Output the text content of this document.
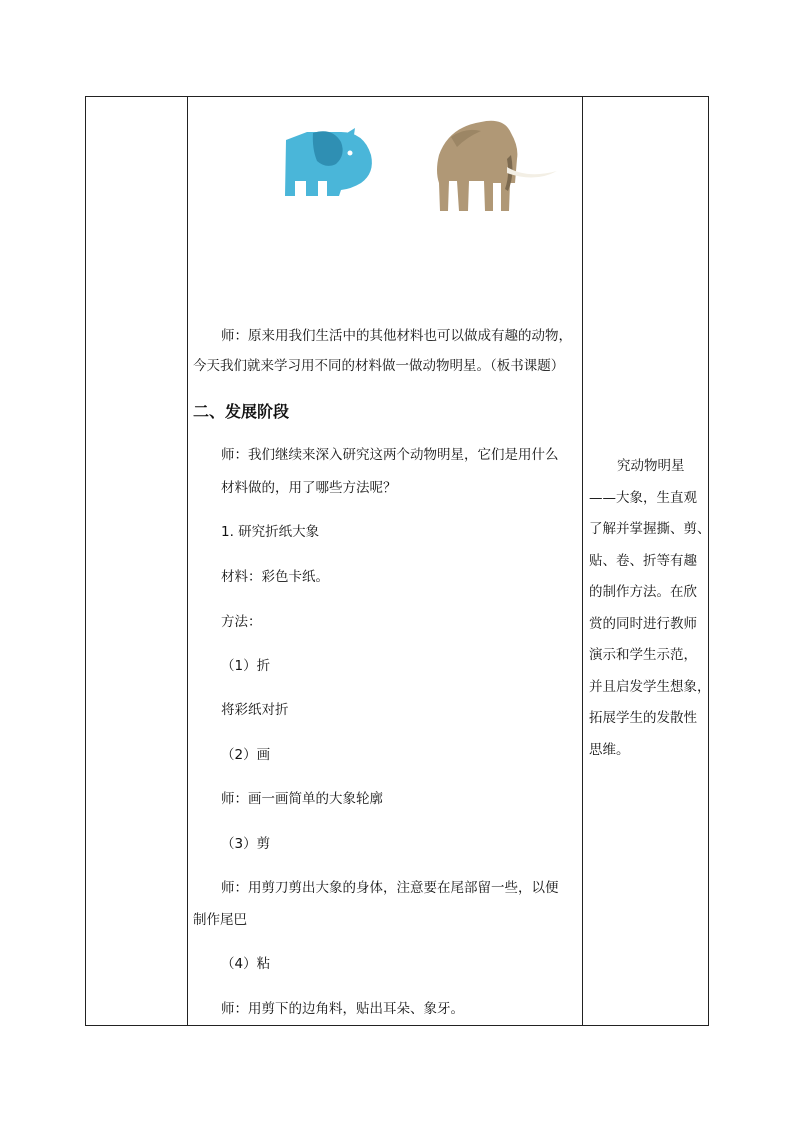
师：原来用我们生活中的其他材料也可以做成有趣的动物，
今天我们就来学习用不同的材料做一做动物明星。（板书课题）
二、发展阶段
师：我们继续来深入研究这两个动物明星，它们是用什么
材料做的，用了哪些方法呢？
1. 研究折纸大象
材料：彩色卡纸。
方法：
（1）折
将彩纸对折
（2）画
师：画一画简单的大象轮廓
（3）剪
师：用剪刀剪出大象的身体，注意要在尾部留一些，以便
制作尾巴
（4）粘
师：用剪下的边角料，贴出耳朵、象牙。
究动物明星
——大象，生直观
了解并掌握撕、剪、
贴、卷、折等有趣
的制作方法。在欣
赏的同时进行教师
演示和学生示范，
并且启发学生想象，
拓展学生的发散性
思维。
